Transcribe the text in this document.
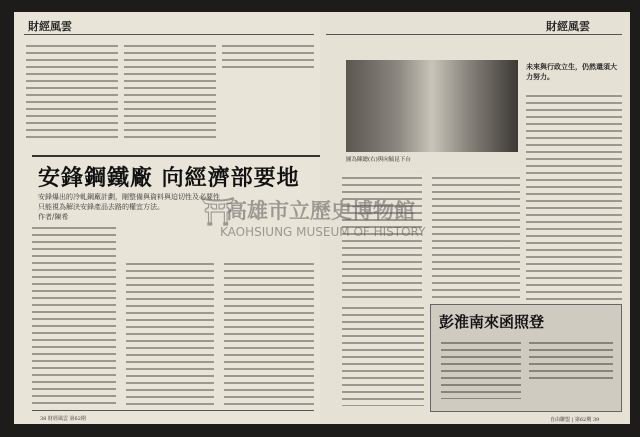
財經風雲
安鋒鋼鐵廠 向經濟部要地
安鋒爆出的冷軋鋼廠計劃，剛整備與資料與迫切性及必要性
只能視為解決安鋒產品去路的權宜方法。
作者/陳希
38 財經風雲 第62期
財經風雲
圖為陳總(右)與向毓昆下台
未來與行政立生，仍然還須大力努力。
彭淮南來函照登
自由聯盟 | 第62期 39
⛩
高雄市立歷史博物館
KAOHSIUNG MUSEUM OF HISTORY
